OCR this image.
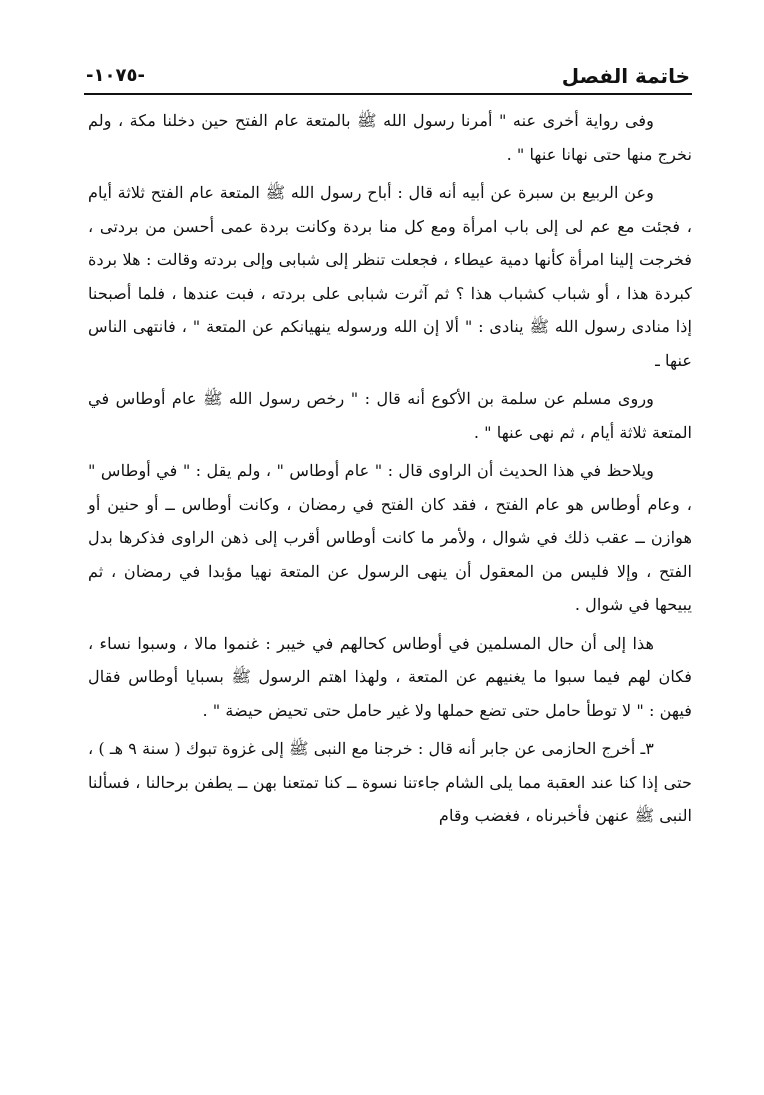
خاتمة الفصل
-١٠٧٥-

وفى رواية أخرى عنه " أمرنا رسول الله ﷺ بالمتعة عام الفتح حين دخلنا مكة ، ولم نخرج منها حتى نهانا عنها " .

وعن الربيع بن سبرة عن أبيه أنه قال : أباح رسول الله ﷺ المتعة عام الفتح ثلاثة أيام ، فجئت مع عم لى إلى باب امرأة ومع كل منا بردة وكانت بردة عمى أحسن من بردتى ، فخرجت إلينا امرأة كأنها دمية عيطاء ، فجعلت تنظر إلى شبابى وإلى بردته وقالت : هلا بردة كبردة هذا ، أو شباب كشباب هذا ؟ ثم آثرت شبابى على بردته ، فبت عندها ، فلما أصبحنا إذا منادى رسول الله ﷺ ينادى : " ألا إن الله ورسوله ينهيانكم عن المتعة " ، فانتهى الناس عنها ـ

وروى مسلم عن سلمة بن الأكوع أنه قال : " رخص رسول الله ﷺ عام أوطاس في المتعة ثلاثة أيام ، ثم نهى عنها " .

ويلاحظ في هذا الحديث أن الراوى قال : " عام أوطاس " ، ولم يقل : " في أوطاس " ، وعام أوطاس هو عام الفتح ، فقد كان الفتح في رمضان ، وكانت أوطاس ــ أو حنين أو هوازن ــ عقب ذلك في شوال ، ولأمر ما كانت أوطاس أقرب إلى ذهن الراوى فذكرها بدل الفتح ، وإلا فليس من المعقول أن ينهى الرسول عن المتعة نهيا مؤبدا في رمضان ، ثم يبيحها في شوال .

هذا إلى أن حال المسلمين في أوطاس كحالهم في خيبر : غنموا مالا ، وسبوا نساء ، فكان لهم فيما سبوا ما يغنيهم عن المتعة ، ولهذا اهتم الرسول ﷺ بسبايا أوطاس فقال فيهن : " لا توطأ حامل حتى تضع حملها ولا غير حامل حتى تحيض حيضة " .

٣ـ أخرج الحازمى عن جابر أنه قال : خرجنا مع النبى ﷺ إلى غزوة تبوك ( سنة ٩ هـ ) ، حتى إذا كنا عند العقبة مما يلى الشام جاءتنا نسوة ــ كنا تمتعنا بهن ــ يطفن برحالنا ، فسألنا النبى ﷺ عنهن فأخبرناه ، فغضب وقام
